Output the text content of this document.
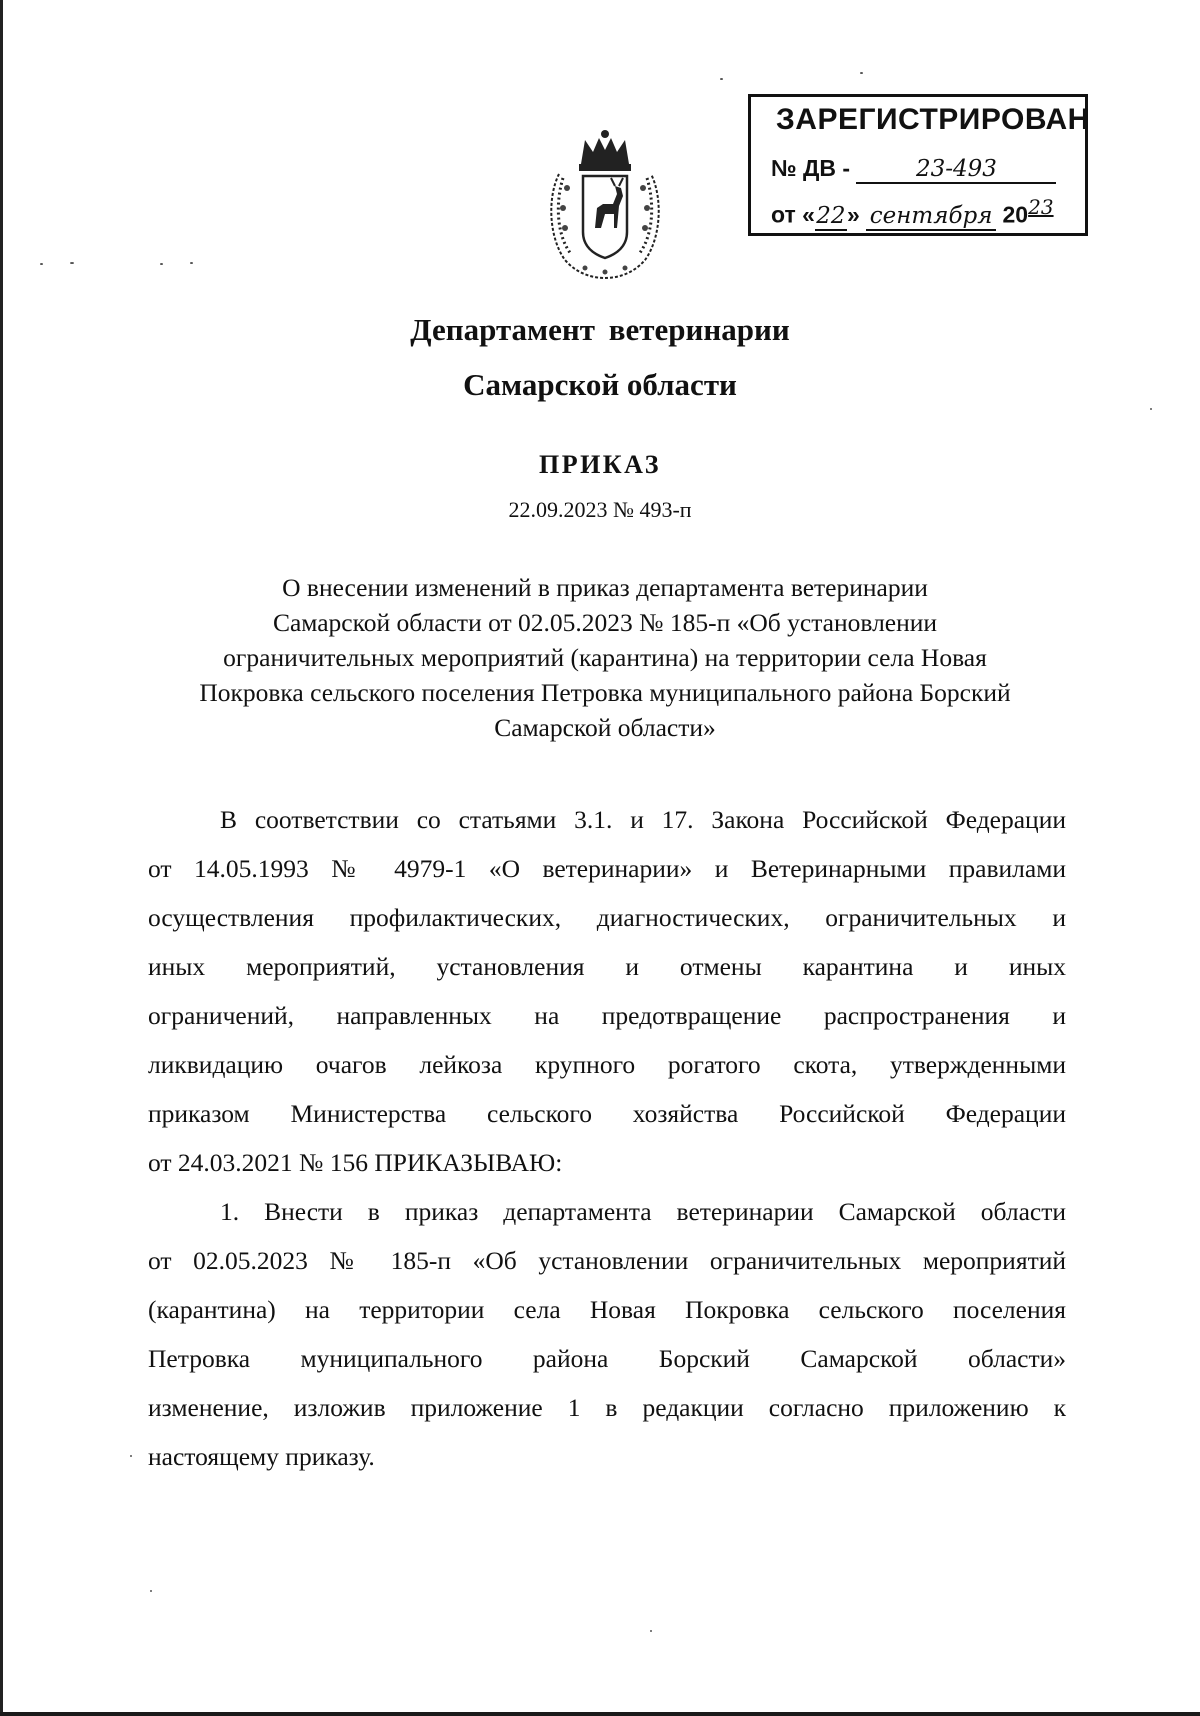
ЗАРЕГИСТРИРОВАН
№ ДВ -	23-493
от «22» сентября 2023
Департамент ветеринарии
Самарской области
ПРИКАЗ
22.09.2023 № 493-п
О внесении изменений в приказ департамента ветеринарии
Самарской области от 02.05.2023 № 185-п «Об установлении
ограничительных мероприятий (карантина) на территории села Новая
Покровка сельского поселения Петровка муниципального района Борский
Самарской области»
В соответствии со статьями 3.1. и 17. Закона Российской Федерации
от 14.05.1993 № 4979-1 «О ветеринарии» и Ветеринарными правилами
осуществления профилактических, диагностических, ограничительных и
иных мероприятий, установления и отмены карантина и иных
ограничений, направленных на предотвращение распространения и
ликвидацию очагов лейкоза крупного рогатого скота, утвержденными
приказом Министерства сельского хозяйства Российской Федерации
от 24.03.2021 № 156 ПРИКАЗЫВАЮ:
1. Внести в приказ департамента ветеринарии Самарской области
от 02.05.2023 № 185-п «Об установлении ограничительных мероприятий
(карантина) на территории села Новая Покровка сельского поселения
Петровка муниципального района Борский Самарской области»
изменение, изложив приложение 1 в редакции согласно приложению к
настоящему приказу.
